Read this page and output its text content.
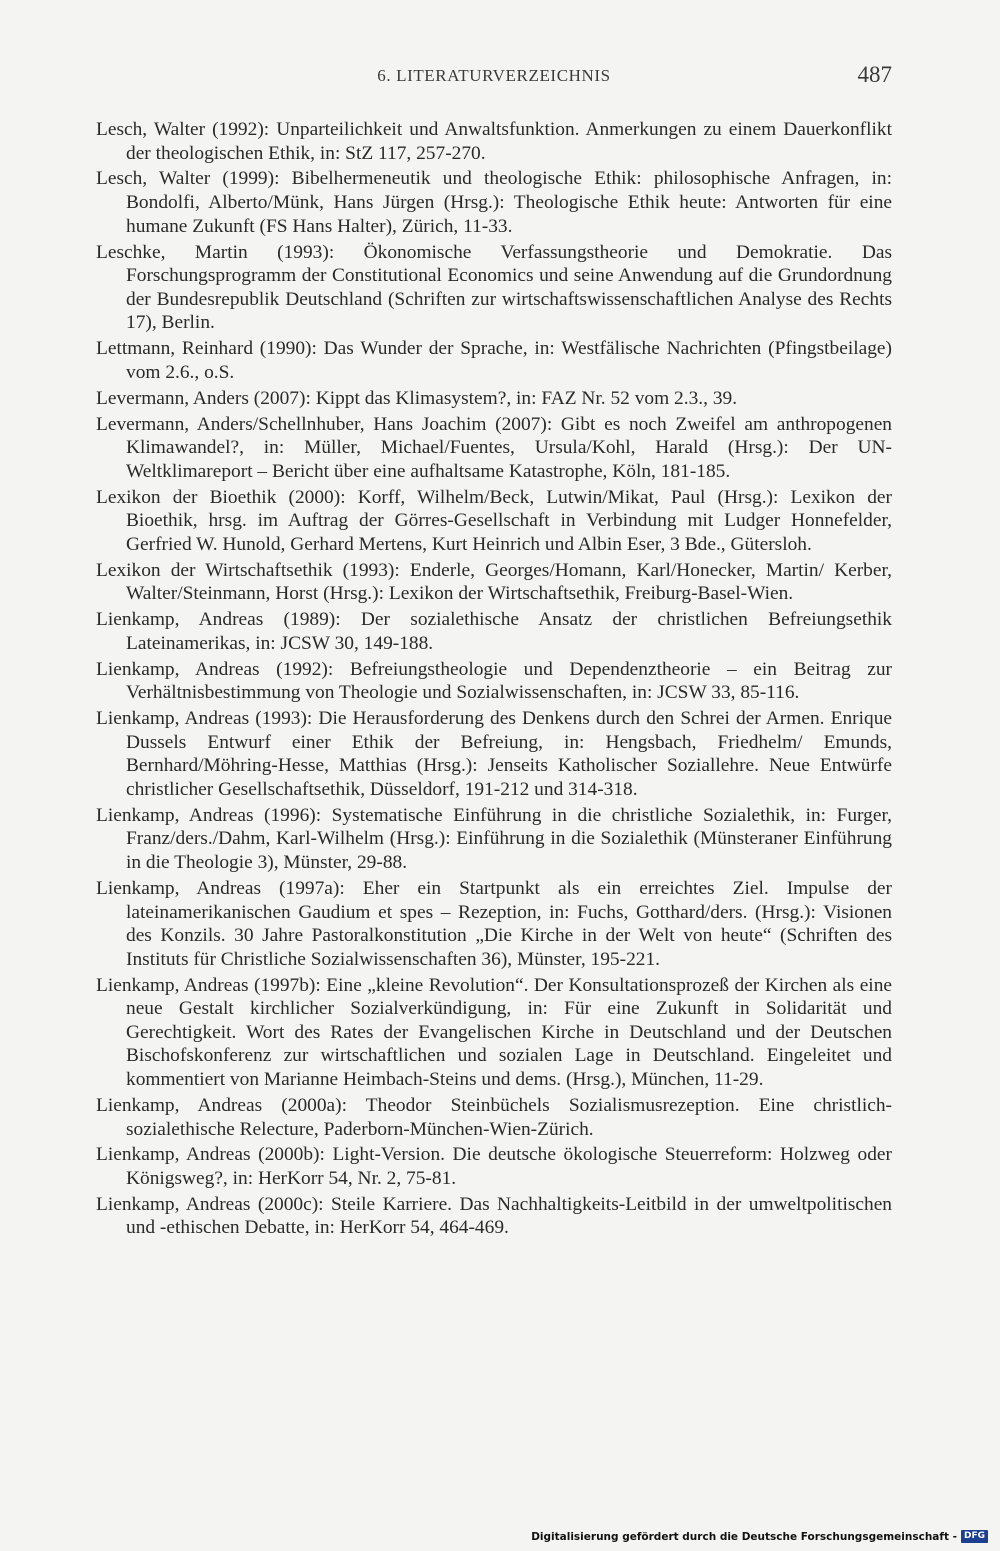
6. LITERATURVERZEICHNIS	487
Lesch, Walter (1992): Unparteilichkeit und Anwaltsfunktion. Anmerkungen zu einem Dauerkonflikt der theologischen Ethik, in: StZ 117, 257-270.
Lesch, Walter (1999): Bibelhermeneutik und theologische Ethik: philosophische Anfragen, in: Bondolfi, Alberto/Münk, Hans Jürgen (Hrsg.): Theologische Ethik heute: Antworten für eine humane Zukunft (FS Hans Halter), Zürich, 11-33.
Leschke, Martin (1993): Ökonomische Verfassungstheorie und Demokratie. Das Forschungsprogramm der Constitutional Economics und seine Anwendung auf die Grundordnung der Bundesrepublik Deutschland (Schriften zur wirtschaftswissenschaftlichen Analyse des Rechts 17), Berlin.
Lettmann, Reinhard (1990): Das Wunder der Sprache, in: Westfälische Nachrichten (Pfingstbeilage) vom 2.6., o.S.
Levermann, Anders (2007): Kippt das Klimasystem?, in: FAZ Nr. 52 vom 2.3., 39.
Levermann, Anders/Schellnhuber, Hans Joachim (2007): Gibt es noch Zweifel am anthropogenen Klimawandel?, in: Müller, Michael/Fuentes, Ursula/Kohl, Harald (Hrsg.): Der UN-Weltklimareport – Bericht über eine aufhaltsame Katastrophe, Köln, 181-185.
Lexikon der Bioethik (2000): Korff, Wilhelm/Beck, Lutwin/Mikat, Paul (Hrsg.): Lexikon der Bioethik, hrsg. im Auftrag der Görres-Gesellschaft in Verbindung mit Ludger Honnefelder, Gerfried W. Hunold, Gerhard Mertens, Kurt Heinrich und Albin Eser, 3 Bde., Gütersloh.
Lexikon der Wirtschaftsethik (1993): Enderle, Georges/Homann, Karl/Honecker, Martin/ Kerber, Walter/Steinmann, Horst (Hrsg.): Lexikon der Wirtschaftsethik, Freiburg-Basel-Wien.
Lienkamp, Andreas (1989): Der sozialethische Ansatz der christlichen Befreiungsethik Lateinamerikas, in: JCSW 30, 149-188.
Lienkamp, Andreas (1992): Befreiungstheologie und Dependenztheorie – ein Beitrag zur Verhältnisbestimmung von Theologie und Sozialwissenschaften, in: JCSW 33, 85-116.
Lienkamp, Andreas (1993): Die Herausforderung des Denkens durch den Schrei der Armen. Enrique Dussels Entwurf einer Ethik der Befreiung, in: Hengsbach, Friedhelm/ Emunds, Bernhard/Möhring-Hesse, Matthias (Hrsg.): Jenseits Katholischer Soziallehre. Neue Entwürfe christlicher Gesellschaftsethik, Düsseldorf, 191-212 und 314-318.
Lienkamp, Andreas (1996): Systematische Einführung in die christliche Sozialethik, in: Furger, Franz/ders./Dahm, Karl-Wilhelm (Hrsg.): Einführung in die Sozialethik (Münsteraner Einführung in die Theologie 3), Münster, 29-88.
Lienkamp, Andreas (1997a): Eher ein Startpunkt als ein erreichtes Ziel. Impulse der lateinamerikanischen Gaudium et spes – Rezeption, in: Fuchs, Gotthard/ders. (Hrsg.): Visionen des Konzils. 30 Jahre Pastoralkonstitution „Die Kirche in der Welt von heute“ (Schriften des Instituts für Christliche Sozialwissenschaften 36), Münster, 195-221.
Lienkamp, Andreas (1997b): Eine „kleine Revolution“. Der Konsultationsprozeß der Kirchen als eine neue Gestalt kirchlicher Sozialverkündigung, in: Für eine Zukunft in Solidarität und Gerechtigkeit. Wort des Rates der Evangelischen Kirche in Deutschland und der Deutschen Bischofskonferenz zur wirtschaftlichen und sozialen Lage in Deutschland. Eingeleitet und kommentiert von Marianne Heimbach-Steins und dems. (Hrsg.), München, 11-29.
Lienkamp, Andreas (2000a): Theodor Steinbüchels Sozialismusrezeption. Eine christlich-sozialethische Relecture, Paderborn-München-Wien-Zürich.
Lienkamp, Andreas (2000b): Light-Version. Die deutsche ökologische Steuerreform: Holzweg oder Königsweg?, in: HerKorr 54, Nr. 2, 75-81.
Lienkamp, Andreas (2000c): Steile Karriere. Das Nachhaltigkeits-Leitbild in der umweltpolitischen und -ethischen Debatte, in: HerKorr 54, 464-469.
Digitalisierung gefördert durch die Deutsche Forschungsgemeinschaft - DFG
